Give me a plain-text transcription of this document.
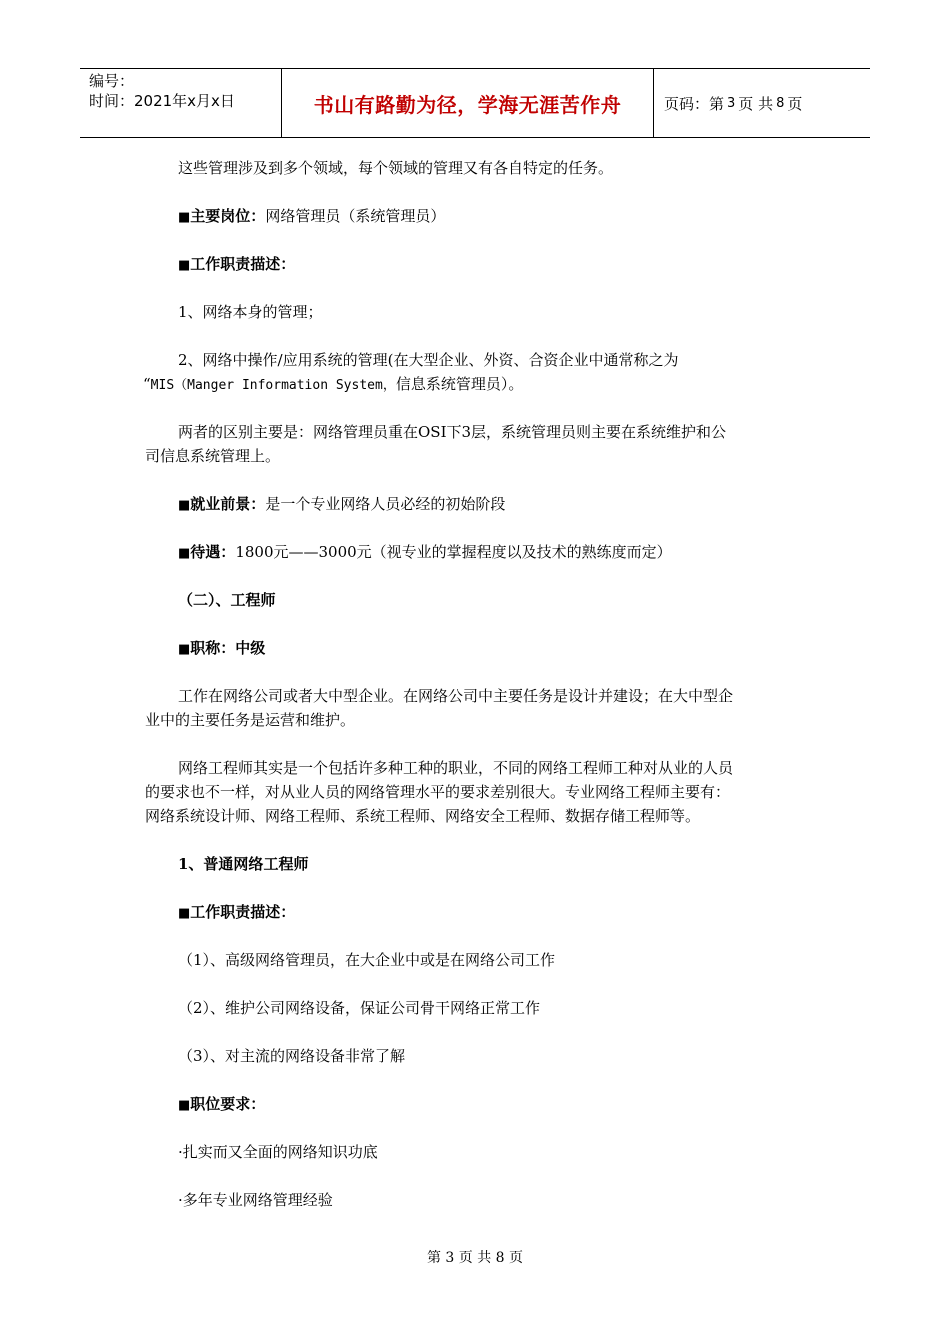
编号：
时间：2021年x月x日	书山有路勤为径，学海无涯苦作舟	页码：第 3 页 共 8 页

这些管理涉及到多个领域，每个领域的管理又有各自特定的任务。

■主要岗位：网络管理员（系统管理员）

■工作职责描述：

1、网络本身的管理；

2、网络中操作/应用系统的管理(在大型企业、外资、合资企业中通常称之为

“MIS（Manger Information System，信息系统管理员）。

两者的区别主要是：网络管理员重在OSI下3层，系统管理员则主要在系统维护和公

司信息系统管理上。

■就业前景：是一个专业网络人员必经的初始阶段

■待遇：1800元——3000元（视专业的掌握程度以及技术的熟练度而定）

（二）、工程师

■职称：中级

工作在网络公司或者大中型企业。在网络公司中主要任务是设计并建设；在大中型企

业中的主要任务是运营和维护。

网络工程师其实是一个包括许多种工种的职业，不同的网络工程师工种对从业的人员

的要求也不一样，对从业人员的网络管理水平的要求差别很大。专业网络工程师主要有：

网络系统设计师、网络工程师、系统工程师、网络安全工程师、数据存储工程师等。

1、普通网络工程师

■工作职责描述：

（1）、高级网络管理员，在大企业中或是在网络公司工作

（2）、维护公司网络设备，保证公司骨干网络正常工作

（3）、对主流的网络设备非常了解

■职位要求：

·扎实而又全面的网络知识功底

·多年专业网络管理经验

第 3 页 共 8 页
